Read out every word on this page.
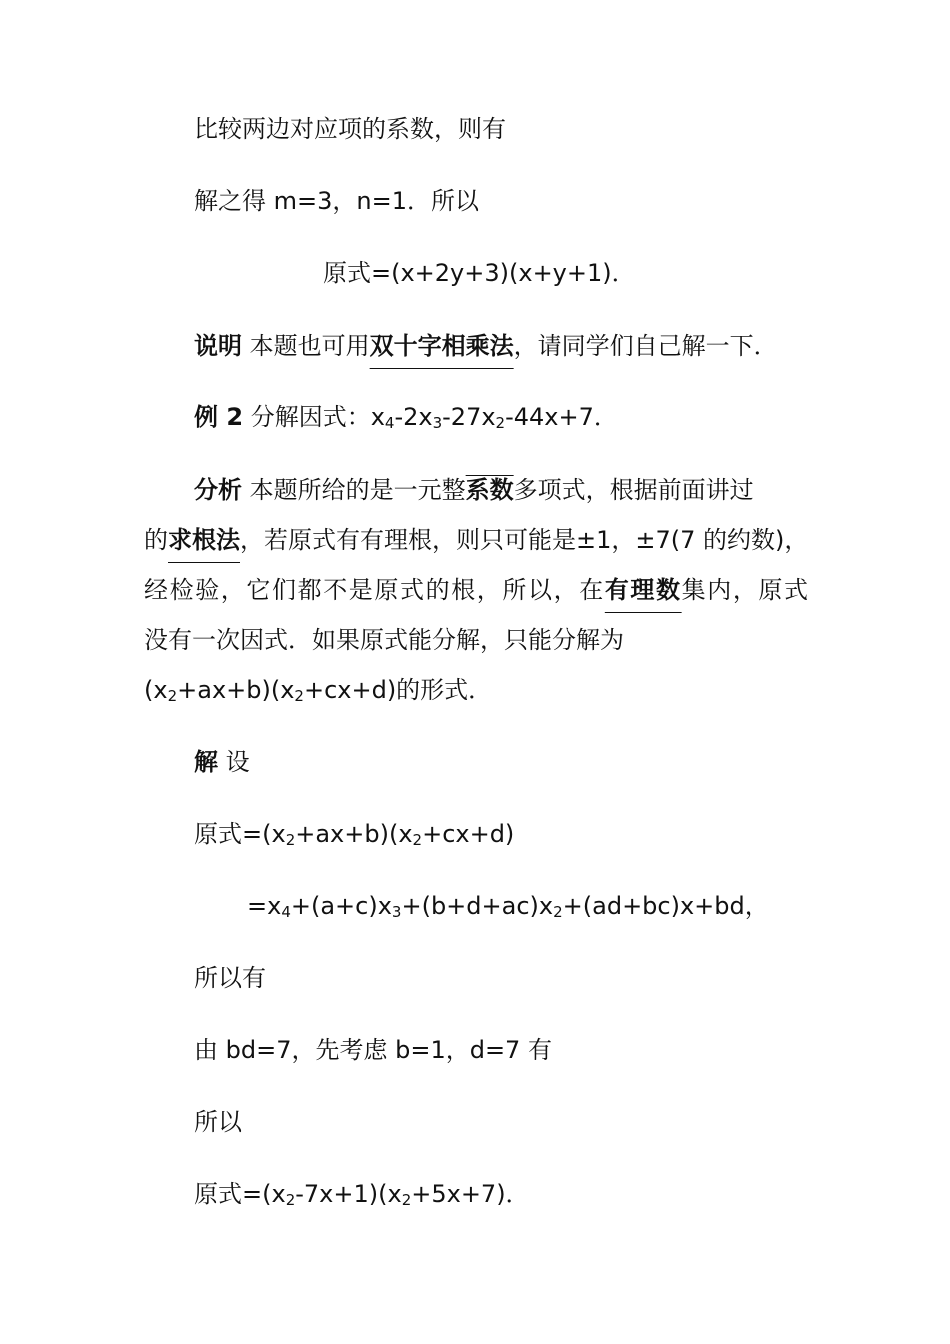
比较两边对应项的系数，则有
解之得 m=3，n=1．所以
原式=(x+2y+3)(x+y+1)．
说明 本题也可用双十字相乘法，请同学们自己解一下．
例 2 分解因式：$x_4-2x_3-27x_2-44x+7$．
分析 本题所给的是一元整系数多项式，根据前面讲过
的求根法，若原式有有理根，则只可能是±1，±7(7 的约数)，
经检验，它们都不是原式的根，所以，在有理数集内，原式
没有一次因式．如果原式能分解，只能分解为
$(x_2+ax+b)(x_2+cx+d)$的形式．
解 设
原式$=(x_2+ax+b)(x_2+cx+d)$
$=x_4+(a+c)x_3+(b+d+ac)x_2+(ad+bc)x+bd$，
所以有
由 bd=7，先考虑 b=1，d=7 有
所以
原式$=(x_2-7x+1)(x_2+5x+7)$．
